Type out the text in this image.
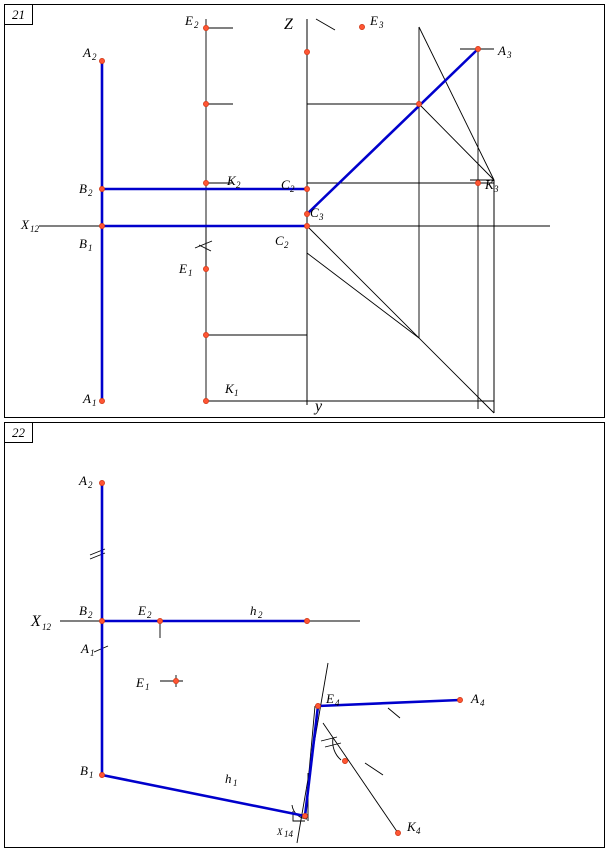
21
A 2
E 2	Z	E 3
A 3
B 2
K 2	C 2
C 3
K 3
X 12
B 1	C 2
E 1
A 1
K 1
y
22
A 2
X 12
B 2	E 2	h 2
A 1
E 1
E 4	A 4
B 1	h 1
X 14	K 4
